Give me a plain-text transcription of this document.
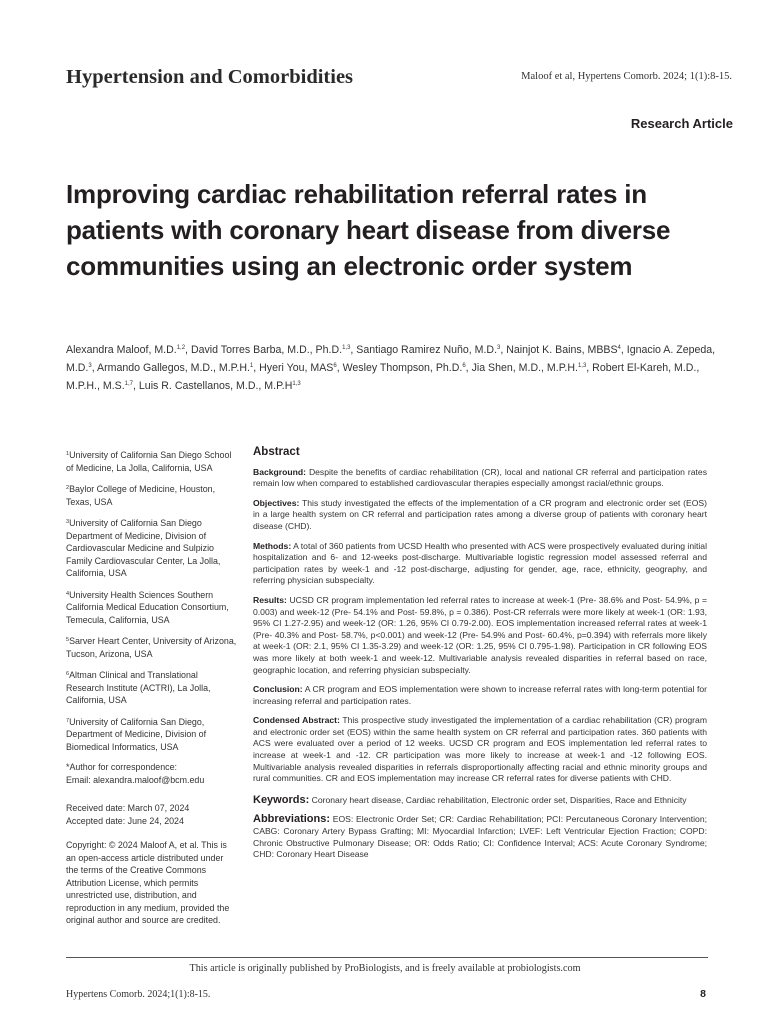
Hypertension and Comorbidities	Maloof et al, Hypertens Comorb. 2024; 1(1):8-15.
Research Article
Improving cardiac rehabilitation referral rates in patients with coronary heart disease from diverse communities using an electronic order system
Alexandra Maloof, M.D.$^{1,2}$, David Torres Barba, M.D., Ph.D.$^{1,3}$, Santiago Ramirez Nuño, M.D.$^3$, Nainjot K. Bains, MBBS$^4$, Ignacio A. Zepeda, M.D.$^3$, Armando Gallegos, M.D., M.P.H.$^1$, Hyeri You, MAS$^6$, Wesley Thompson, Ph.D.$^6$, Jia Shen, M.D., M.P.H.$^{1,3}$, Robert El-Kareh, M.D., M.P.H., M.S.$^{1,7}$, Luis R. Castellanos, M.D., $M.P.H^{1,3}$

$^1$University of California San Diego School of Medicine, La Jolla, California, USA

$^2$Baylor College of Medicine, Houston, Texas, USA

$^3$University of California San Diego Department of Medicine, Division of Cardiovascular Medicine and Sulpizio Family Cardiovascular Center, La Jolla, California, USA

$^4$University Health Sciences Southern California Medical Education Consortium, Temecula, California, USA

$^5$Sarver Heart Center, University of Arizona, Tucson, Arizona, USA

$^6$Altman Clinical and Translational Research Institute (ACTRI), La Jolla, California, USA

$^7$University of California San Diego, Department of Medicine, Division of Biomedical Informatics, USA

*Author for correspondence:
Email: alexandra.maloof@bcm.edu

Received date: March 07, 2024
Accepted date: June 24, 2024

Copyright: © 2024 Maloof A, et al. This is an open-access article distributed under the terms of the Creative Commons Attribution License, which permits unrestricted use, distribution, and reproduction in any medium, provided the original author and source are credited.

Abstract

Background: Despite the benefits of cardiac rehabilitation (CR), local and national CR referral and participation rates remain low when compared to established cardiovascular therapies especially amongst racial/ethnic groups.

Objectives: This study investigated the effects of the implementation of a CR program and electronic order set (EOS) in a large health system on CR referral and participation rates among a diverse group of patients with coronary heart disease (CHD).

Methods: A total of 360 patients from UCSD Health who presented with ACS were prospectively evaluated during initial hospitalization and 6- and 12-weeks post-discharge. Multivariable logistic regression model assessed referral and participation rates by week-1 and -12 post-discharge, adjusting for gender, age, race, ethnicity, geography, and referring physician subspecialty.

Results: UCSD CR program implementation led referral rates to increase at week-1 (Pre- 38.6% and Post- 54.9%, p = 0.003) and week-12 (Pre- 54.1% and Post- 59.8%, p = 0.386). Post-CR referrals were more likely at week-1 (OR: 1.93, 95% CI 1.27-2.95) and week-12 (OR: 1.26, 95% CI 0.79-2.00). EOS implementation increased referral rates at week-1 (Pre- 40.3% and Post- 58.7%, p<0.001) and week-12 (Pre- 54.9% and Post- 60.4%, p=0.394) with referrals more likely at week-1 (OR: 2.1, 95% CI 1.35-3.29) and week-12 (OR: 1.25, 95% CI 0.795-1.98). Participation in CR following EOS was more likely at both week-1 and week-12. Multivariable analysis revealed disparities in referral based on race, geographic location, and referring physician subspecialty.

Conclusion: A CR program and EOS implementation were shown to increase referral rates with long-term potential for increasing referral and participation rates.

Condensed Abstract: This prospective study investigated the implementation of a cardiac rehabilitation (CR) program and electronic order set (EOS) within the same health system on CR referral and participation rates. 360 patients with ACS were evaluated over a period of 12 weeks. UCSD CR program and EOS implementation led referral rates to increase at week-1 and -12. CR participation was more likely to increase at week-1 and -12 following EOS. Multivariable analysis revealed disparities in referrals disproportionally affecting racial and ethnic minority groups and rural communities. CR and EOS implementation may increase CR referral rates for diverse patients with CHD.

Keywords: Coronary heart disease, Cardiac rehabilitation, Electronic order set, Disparities, Race and Ethnicity

Abbreviations: EOS: Electronic Order Set; CR: Cardiac Rehabilitation; PCI: Percutaneous Coronary Intervention; CABG: Coronary Artery Bypass Grafting; MI: Myocardial Infarction; LVEF: Left Ventricular Ejection Fraction; COPD: Chronic Obstructive Pulmonary Disease; OR: Odds Ratio; CI: Confidence Interval; ACS: Acute Coronary Syndrome; CHD: Coronary Heart Disease

This article is originally published by ProBiologists, and is freely available at probiologists.com
Hypertens Comorb. 2024;1(1):8-15.	8
